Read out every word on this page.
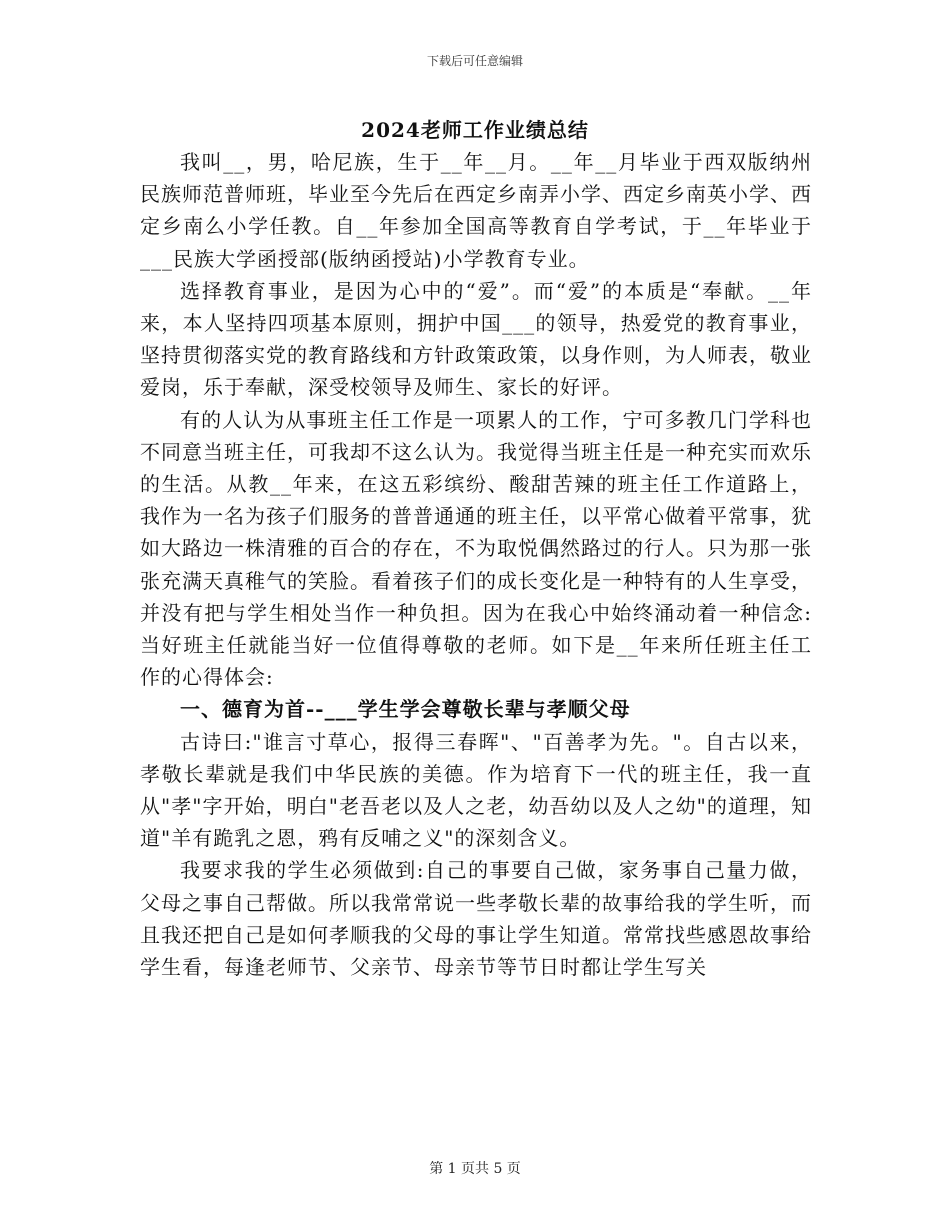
下载后可任意编辑
2024老师工作业绩总结

我叫__，男，哈尼族，生于__年__月。__年__月毕业于西双版纳州民族师范普师班，毕业至今先后在西定乡南弄小学、西定乡南英小学、西定乡南么小学任教。自__年参加全国高等教育自学考试，于__年毕业于___民族大学函授部(版纳函授站)小学教育专业。

选择教育事业，是因为心中的“爱”。而“爱”的本质是“奉献。__年来，本人坚持四项基本原则，拥护中国___的领导，热爱党的教育事业，坚持贯彻落实党的教育路线和方针政策政策，以身作则，为人师表，敬业爱岗，乐于奉献，深受校领导及师生、家长的好评。

有的人认为从事班主任工作是一项累人的工作，宁可多教几门学科也不同意当班主任，可我却不这么认为。我觉得当班主任是一种充实而欢乐的生活。从教__年来，在这五彩缤纷、酸甜苦辣的班主任工作道路上，我作为一名为孩子们服务的普普通通的班主任，以平常心做着平常事，犹如大路边一株清雅的百合的存在，不为取悦偶然路过的行人。只为那一张张充满天真稚气的笑脸。看着孩子们的成长变化是一种特有的人生享受，并没有把与学生相处当作一种负担。因为在我心中始终涌动着一种信念:当好班主任就能当好一位值得尊敬的老师。如下是__年来所任班主任工作的心得体会:

一、德育为首--___学生学会尊敬长辈与孝顺父母

古诗曰:"谁言寸草心，报得三春晖"、"百善孝为先。"。自古以来，孝敬长辈就是我们中华民族的美德。作为培育下一代的班主任，我一直从"孝"字开始，明白"老吾老以及人之老，幼吾幼以及人之幼"的道理，知道"羊有跪乳之恩，鸦有反哺之义"的深刻含义。

我要求我的学生必须做到:自己的事要自己做，家务事自己量力做，父母之事自己帮做。所以我常常说一些孝敬长辈的故事给我的学生听，而且我还把自己是如何孝顺我的父母的事让学生知道。常常找些感恩故事给学生看，每逢老师节、父亲节、母亲节等节日时都让学生写关

第 1 页共 5 页
